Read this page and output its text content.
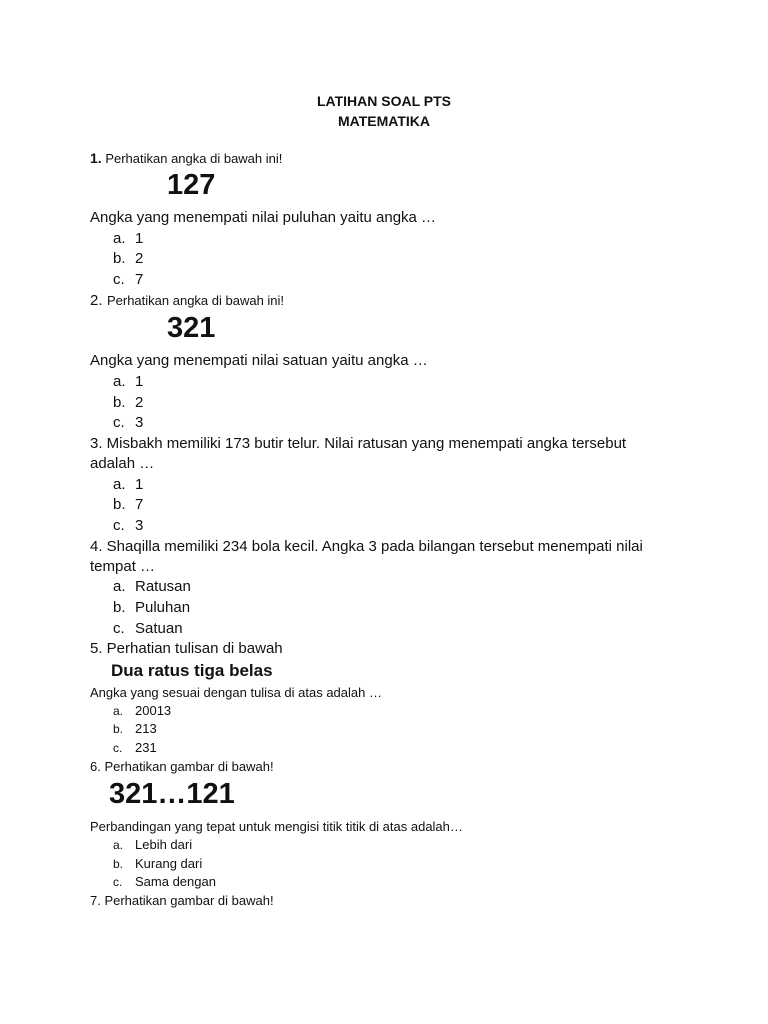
LATIHAN SOAL PTS
MATEMATIKA
1. Perhatikan angka di bawah ini!
127
Angka yang menempati nilai puluhan yaitu angka …
a. 1
b. 2
c. 7
2. Perhatikan angka di bawah ini!
321
Angka yang menempati nilai satuan yaitu angka …
a. 1
b. 2
c. 3
3. Misbakh memiliki 173 butir telur. Nilai ratusan yang menempati angka tersebut
adalah …
a. 1
b. 7
c. 3
4. Shaqilla memiliki 234 bola kecil. Angka 3 pada bilangan tersebut menempati nilai
tempat …
a. Ratusan
b. Puluhan
c. Satuan
5. Perhatian tulisan di bawah
Dua ratus tiga belas
Angka yang sesuai dengan tulisa di atas adalah …
a. 20013
b. 213
c. 231
6. Perhatikan gambar di bawah!
321…121
Perbandingan yang tepat untuk mengisi titik titik di atas adalah…
a. Lebih dari
b. Kurang dari
c. Sama dengan
7. Perhatikan gambar di bawah!
